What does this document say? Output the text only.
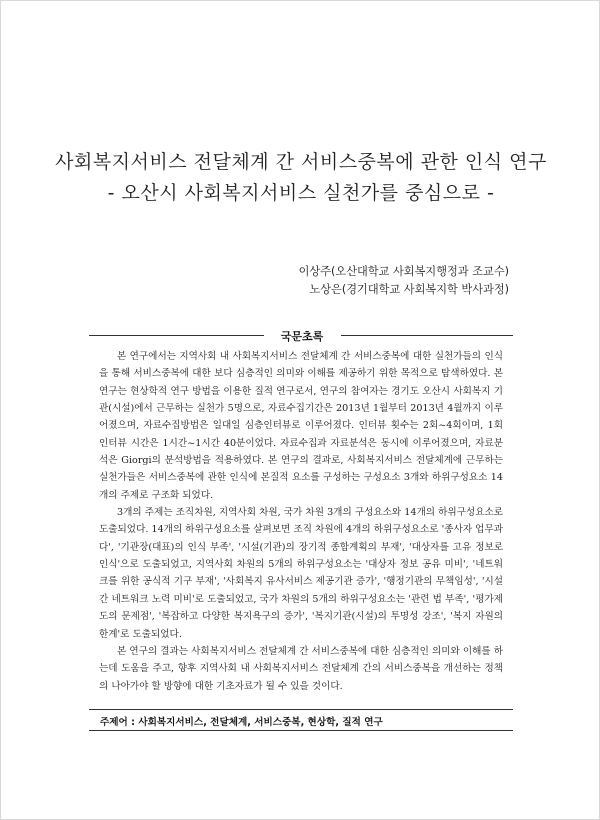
사회복지서비스 전달체계 간 서비스중복에 관한 인식 연구
- 오산시 사회복지서비스 실천가를 중심으로 -
이상주(오산대학교 사회복지행정과 조교수)
노상은(경기대학교 사회복지학 박사과정)
국문초록

본 연구에서는 지역사회 내 사회복지서비스 전달체계 간 서비스중복에 대한 실천가들의 인식을 통해 서비스중복에 대한 보다 심층적인 의미와 이해를 제공하기 위한 목적으로 탐색하였다. 본 연구는 현상학적 연구 방법을 이용한 질적 연구로서, 연구의 참여자는 경기도 오산시 사회복지 기관(시설)에서 근무하는 실천가 5명으로, 자료수집기간은 2013년 1월부터 2013년 4월까지 이루어졌으며, 자료수집방법은 일대일 심층인터뷰로 이루어졌다. 인터뷰 횟수는 2회~4회이며, 1회 인터뷰 시간은 1시간~1시간 40분이었다. 자료수집과 자료분석은 동시에 이루어졌으며, 자료분석은 Giorgi의 분석방법을 적용하였다. 본 연구의 결과로, 사회복지서비스 전달체계에 근무하는 실천가들은 서비스중복에 관한 인식에 본질적 요소를 구성하는 구성요소 3개와 하위구성요소 14개의 주제로 구조화 되었다.

3개의 주제는 조직차원, 지역사회 차원, 국가 차원 3개의 구성요소와 14개의 하위구성요소로 도출되었다. 14개의 하위구성요소를 살펴보면 조직 차원에 4개의 하위구성요소로 '종사자 업무과다', '기관장(대표)의 인식 부족', '시설(기관)의 장기적 종합계획의 부재', '대상자를 고유 정보로 인식'으로 도출되었고, 지역사회 차원의 5개의 하위구성요소는 '대상자 정보 공유 미비', '네트워크를 위한 공식적 기구 부재', '사회복지 유사서비스 제공기관 증가', '행정기관의 무책임성', '시설 간 네트워크 노력 미비'로 도출되었고, 국가 차원의 5개의 하위구성요소는 '관련 법 부족', '평가제도의 문제점', '복잡하고 다양한 복지욕구의 증가', '복지기관(시설)의 투명성 강조', '복지 자원의 한계'로 도출되었다.

본 연구의 결과는 사회복지서비스 전달체계 간 서비스중복에 대한 심층적인 의미와 이해를 하는데 도움을 주고, 향후 지역사회 내 사회복지서비스 전달체계 간의 서비스중복을 개선하는 정책의 나아가야 할 방향에 대한 기초자료가 될 수 있을 것이다.

주제어 : 사회복지서비스, 전달체계, 서비스중복, 현상학, 질적 연구
